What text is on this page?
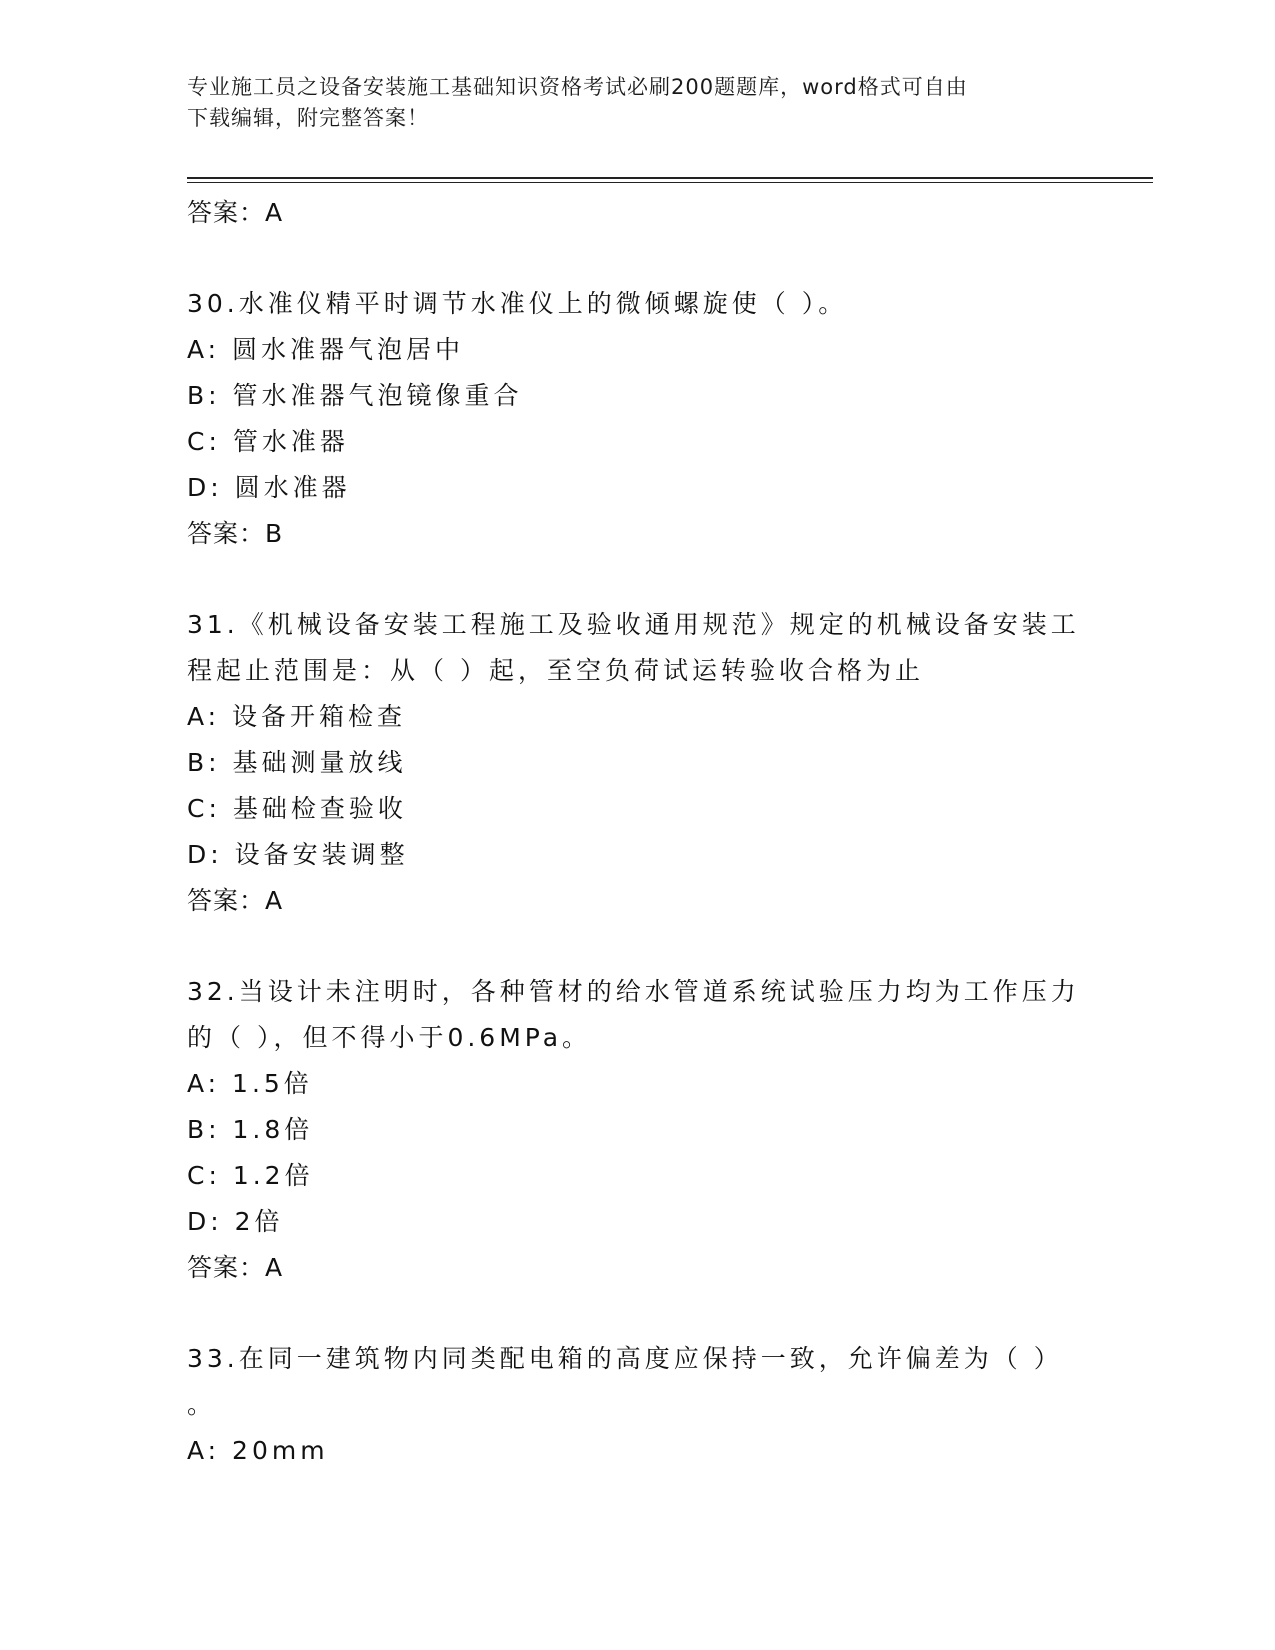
专业施工员之设备安装施工基础知识资格考试必刷200题题库，word格式可自由
下载编辑，附完整答案！
答案：A
30.水准仪精平时调节水准仪上的微倾螺旋使（ ）。
A: 圆水准器气泡居中
B: 管水准器气泡镜像重合
C: 管水准器
D: 圆水准器
答案：B
31.《机械设备安装工程施工及验收通用规范》规定的机械设备安装工
程起止范围是：从（ ）起，至空负荷试运转验收合格为止
A: 设备开箱检查
B: 基础测量放线
C: 基础检查验收
D: 设备安装调整
答案：A
32.当设计未注明时，各种管材的给水管道系统试验压力均为工作压力
的（ ），但不得小于0.6MPa。
A: 1.5倍
B: 1.8倍
C: 1.2倍
D: 2倍
答案：A
33.在同一建筑物内同类配电箱的高度应保持一致，允许偏差为（ ）
。
A: 20mm
